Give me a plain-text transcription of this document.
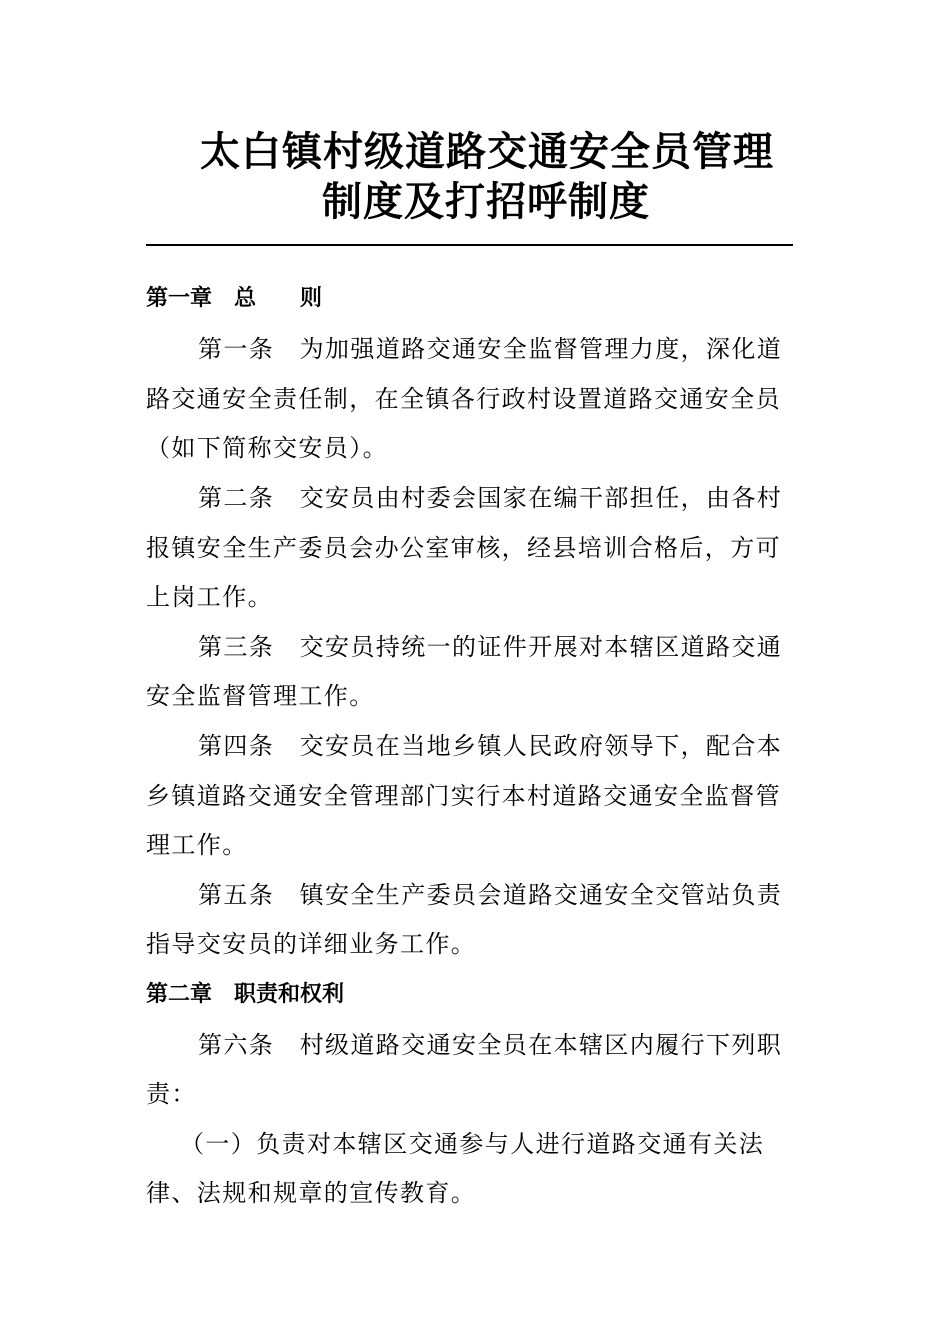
太白镇村级道路交通安全员管理
制度及打招呼制度
第一章　总　　则
第一条　为加强道路交通安全监督管理力度，深化道
路交通安全责任制，在全镇各行政村设置道路交通安全员
（如下简称交安员）。
第二条　交安员由村委会国家在编干部担任，由各村
报镇安全生产委员会办公室审核，经县培训合格后，方可
上岗工作。
第三条　交安员持统一的证件开展对本辖区道路交通
安全监督管理工作。
第四条　交安员在当地乡镇人民政府领导下，配合本
乡镇道路交通安全管理部门实行本村道路交通安全监督管
理工作。
第五条　镇安全生产委员会道路交通安全交管站负责
指导交安员的详细业务工作。
第二章　职责和权利
第六条　村级道路交通安全员在本辖区内履行下列职
责：
（一）负责对本辖区交通参与人进行道路交通有关法
律、法规和规章的宣传教育。
